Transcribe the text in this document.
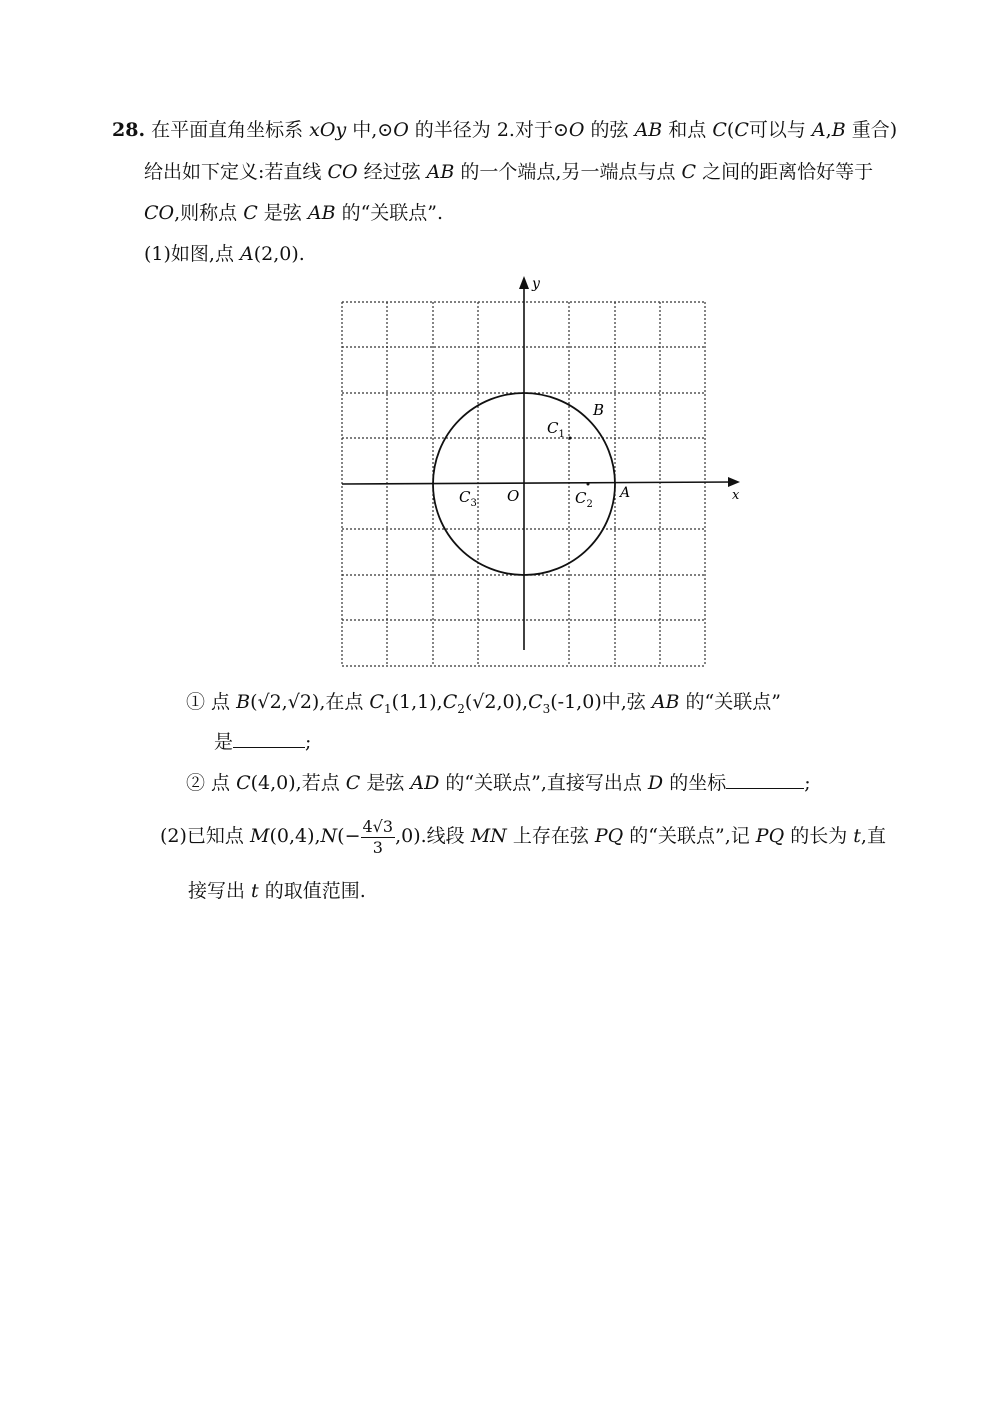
28. 在平面直角坐标系 xOy 中,⊙O 的半径为 2.对于⊙O 的弦 AB 和点 C(C可以与 A,B 重合)
给出如下定义:若直线 CO 经过弦 AB 的一个端点,另一端点与点 C 之间的距离恰好等于
CO,则称点 C 是弦 AB 的“关联点”.
(1)如图,点 A(2,0).
x
y
O	A
B
$C_1$
$C_2$
$C_3$
① 点 B(√2,√2),在点 $C_1(1,1),C_2(√2,0),C_3(-1,0)$中,弦 AB 的“关联点”
是	;
② 点 C(4,0),若点 C 是弦 AD 的“关联点”,直接写出点 D 的坐标	;
(2)已知点 $M(0,4),N(- \frac{4√3}{3} ,0)$.线段 MN 上存在弦 PQ 的“关联点”,记 PQ 的长为 t,直
接写出 t 的取值范围.
